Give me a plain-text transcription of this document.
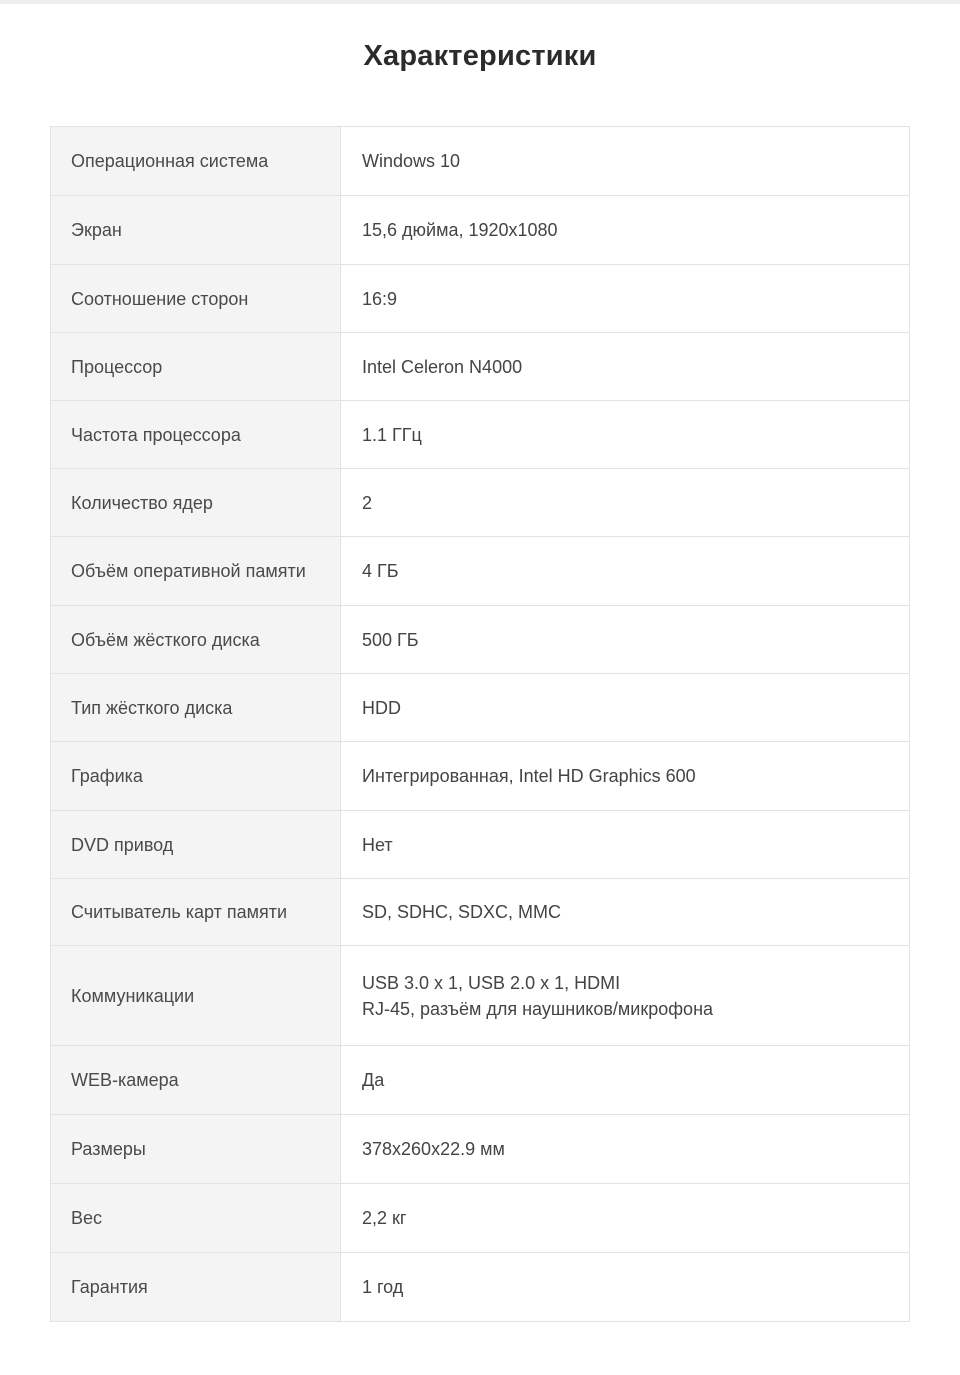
Характеристики
Операционная система	Windows 10

Экран	15,6 дюйма, 1920x1080

Соотношение сторон	16:9

Процессор	Intel Celeron N4000

Частота процессора	1.1 ГГц

Количество ядер	2

Объём оперативной памяти	4 ГБ

Объём жёсткого диска	500 ГБ

Тип жёсткого диска	HDD

Графика	Интегрированная, Intel HD Graphics 600

DVD привод	Нет

Считыватель карт памяти	SD, SDHC, SDXC, MMC

Коммуникации	USB 3.0 x 1, USB 2.0 x 1, HDMI
RJ-45, разъём для наушников/микрофона

WEB-камера	Да

Размеры	378x260x22.9 мм

Вес	2,2 кг

Гарантия	1 год
